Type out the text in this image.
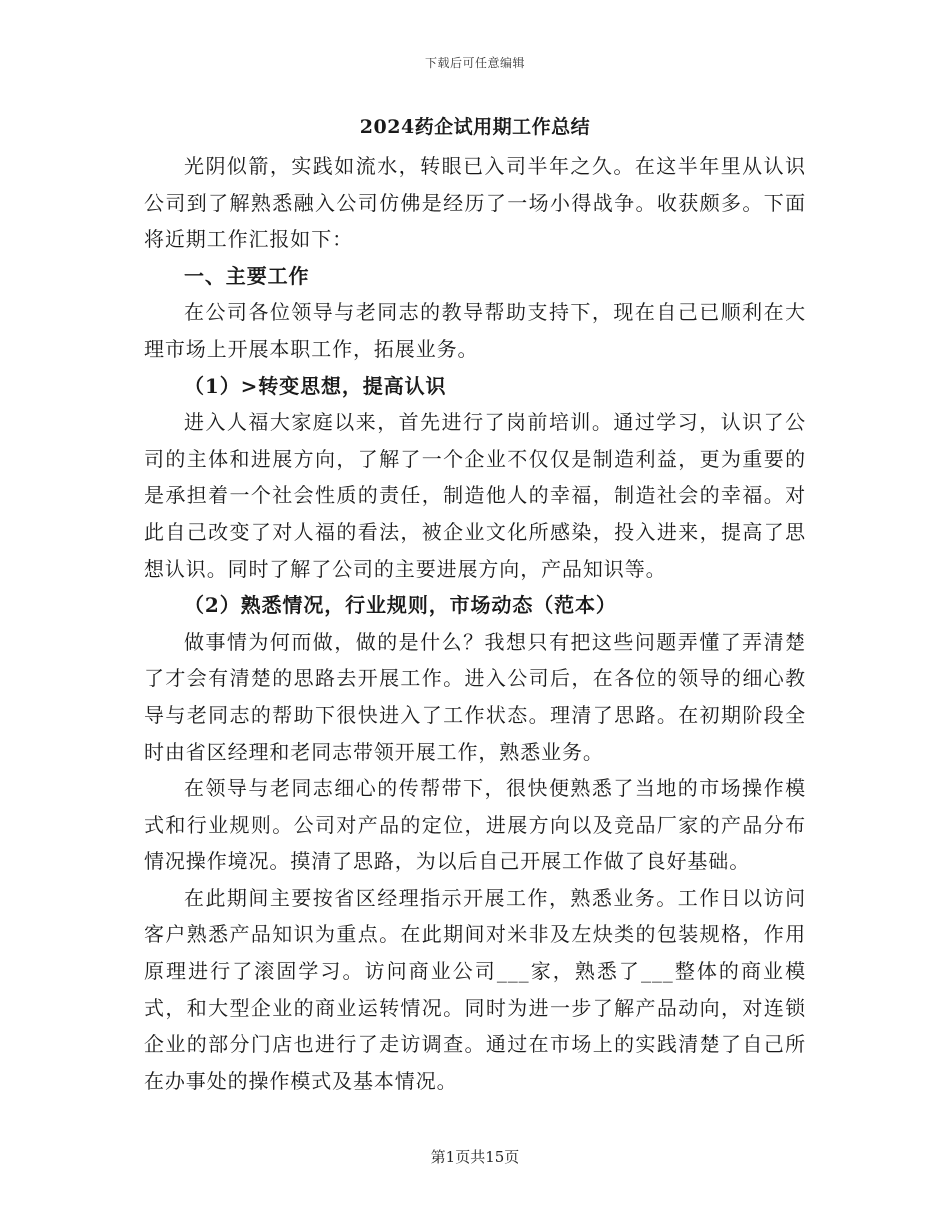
下载后可任意编辑
2024药企试用期工作总结

光阴似箭，实践如流水，转眼已入司半年之久。在这半年里从认识公司到了解熟悉融入公司仿佛是经历了一场小得战争。收获颇多。下面将近期工作汇报如下：

一、主要工作

在公司各位领导与老同志的教导帮助支持下，现在自己已顺利在大理市场上开展本职工作，拓展业务。

（1）>转变思想，提高认识

进入人福大家庭以来，首先进行了岗前培训。通过学习，认识了公司的主体和进展方向，了解了一个企业不仅仅是制造利益，更为重要的是承担着一个社会性质的责任，制造他人的幸福，制造社会的幸福。对此自己改变了对人福的看法，被企业文化所感染，投入进来，提高了思想认识。同时了解了公司的主要进展方向，产品知识等。

（2）熟悉情况，行业规则，市场动态（范本）

做事情为何而做，做的是什么？我想只有把这些问题弄懂了弄清楚了才会有清楚的思路去开展工作。进入公司后，在各位的领导的细心教导与老同志的帮助下很快进入了工作状态。理清了思路。在初期阶段全时由省区经理和老同志带领开展工作，熟悉业务。

在领导与老同志细心的传帮带下，很快便熟悉了当地的市场操作模式和行业规则。公司对产品的定位，进展方向以及竞品厂家的产品分布情况操作境况。摸清了思路，为以后自己开展工作做了良好基础。

在此期间主要按省区经理指示开展工作，熟悉业务。工作日以访问客户熟悉产品知识为重点。在此期间对米非及左炔类的包装规格，作用原理进行了滚固学习。访问商业公司___家，熟悉了___整体的商业模式，和大型企业的商业运转情况。同时为进一步了解产品动向，对连锁企业的部分门店也进行了走访调查。通过在市场上的实践清楚了自己所在办事处的操作模式及基本情况。

第1页共15页
